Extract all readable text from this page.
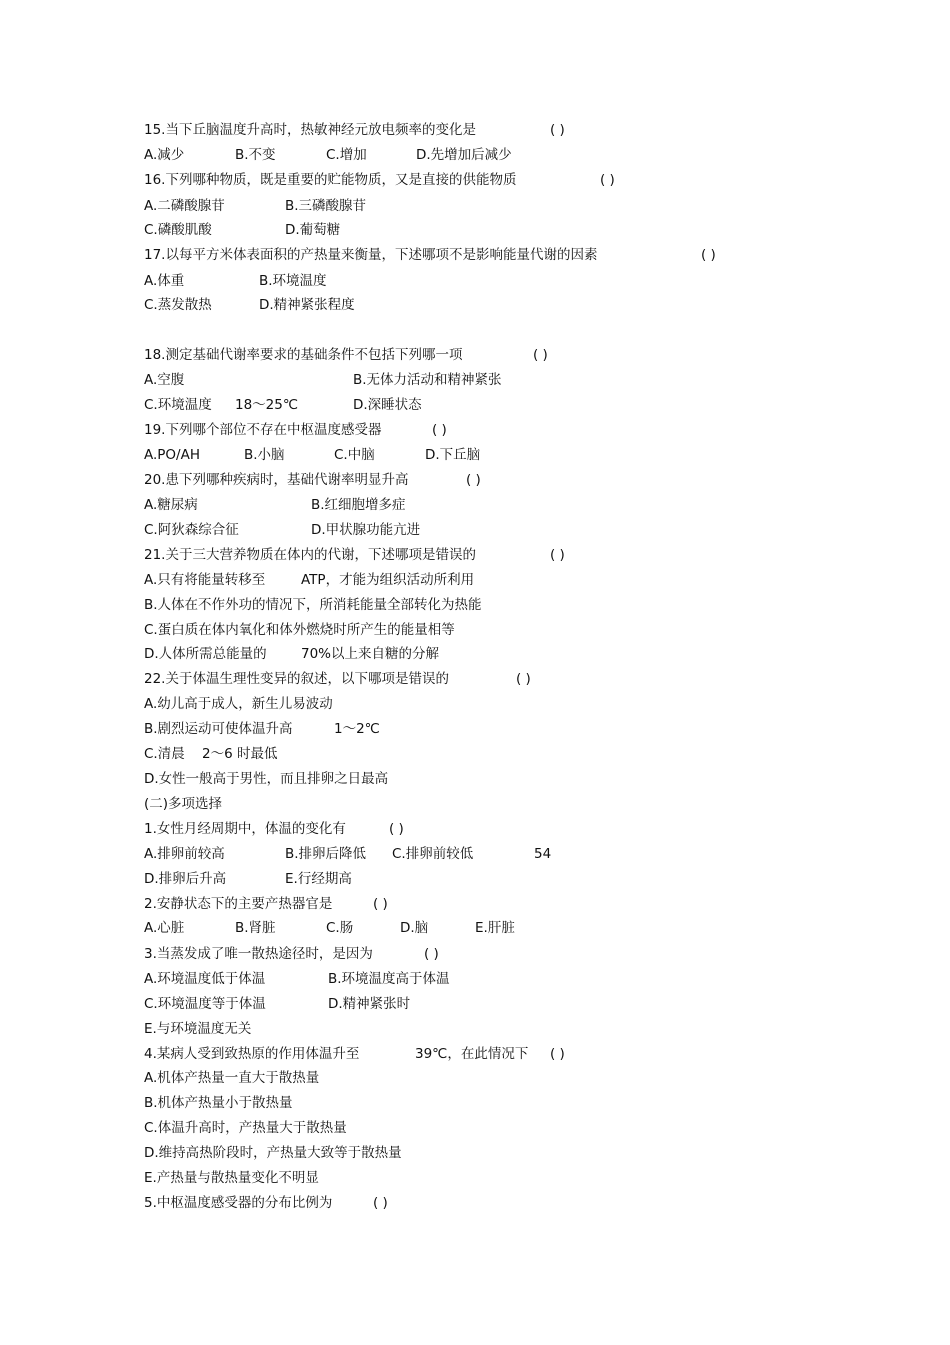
15.当下丘脑温度升高时，热敏神经元放电频率的变化是	( )
A.减少	B.不变	C.增加	D.先增加后减少
16.下列哪种物质，既是重要的贮能物质，又是直接的供能物质	( )
A.二磷酸腺苷	B.三磷酸腺苷
C.磷酸肌酸	D.葡萄糖
17.以每平方米体表面积的产热量来衡量，下述哪项不是影响能量代谢的因素	( )
A.体重	B.环境温度
C.蒸发散热	D.精神紧张程度
18.测定基础代谢率要求的基础条件不包括下列哪一项	( )
A.空腹	B.无体力活动和精神紧张
C.环境温度 18～25℃	D.深睡状态
19.下列哪个部位不存在中枢温度感受器	( )
A.PO/AH	B.小脑	C.中脑	D.下丘脑
20.患下列哪种疾病时，基础代谢率明显升高	( )
A.糖尿病	B.红细胞增多症
C.阿狄森综合征	D.甲状腺功能亢进
21.关于三大营养物质在体内的代谢，下述哪项是错误的	( )
A.只有将能量转移至	ATP，才能为组织活动所利用
B.人体在不作外功的情况下，所消耗能量全部转化为热能
C.蛋白质在体内氧化和体外燃烧时所产生的能量相等
D.人体所需总能量的	70%以上来自糖的分解
22.关于体温生理性变异的叙述，以下哪项是错误的	( )
A.幼儿高于成人，新生儿易波动
B.剧烈运动可使体温升高	1～2℃
C.清晨 2～6 时最低
D.女性一般高于男性，而且排卵之日最高
(二)多项选择
1.女性月经周期中，体温的变化有	( )
A.排卵前较高	B.排卵后降低 C.排卵前较低	54
D.排卵后升高	E.行经期高
2.安静状态下的主要产热器官是	( )
A.心脏	B.肾脏	C.肠	D.脑	E.肝脏
3.当蒸发成了唯一散热途径时，是因为	( )
A.环境温度低于体温	B.环境温度高于体温
C.环境温度等于体温	D.精神紧张时
E.与环境温度无关
4.某病人受到致热原的作用体温升至	39℃，在此情况下 ( )
A.机体产热量一直大于散热量
B.机体产热量小于散热量
C.体温升高时，产热量大于散热量
D.维持高热阶段时，产热量大致等于散热量
E.产热量与散热量变化不明显
5.中枢温度感受器的分布比例为	( )
